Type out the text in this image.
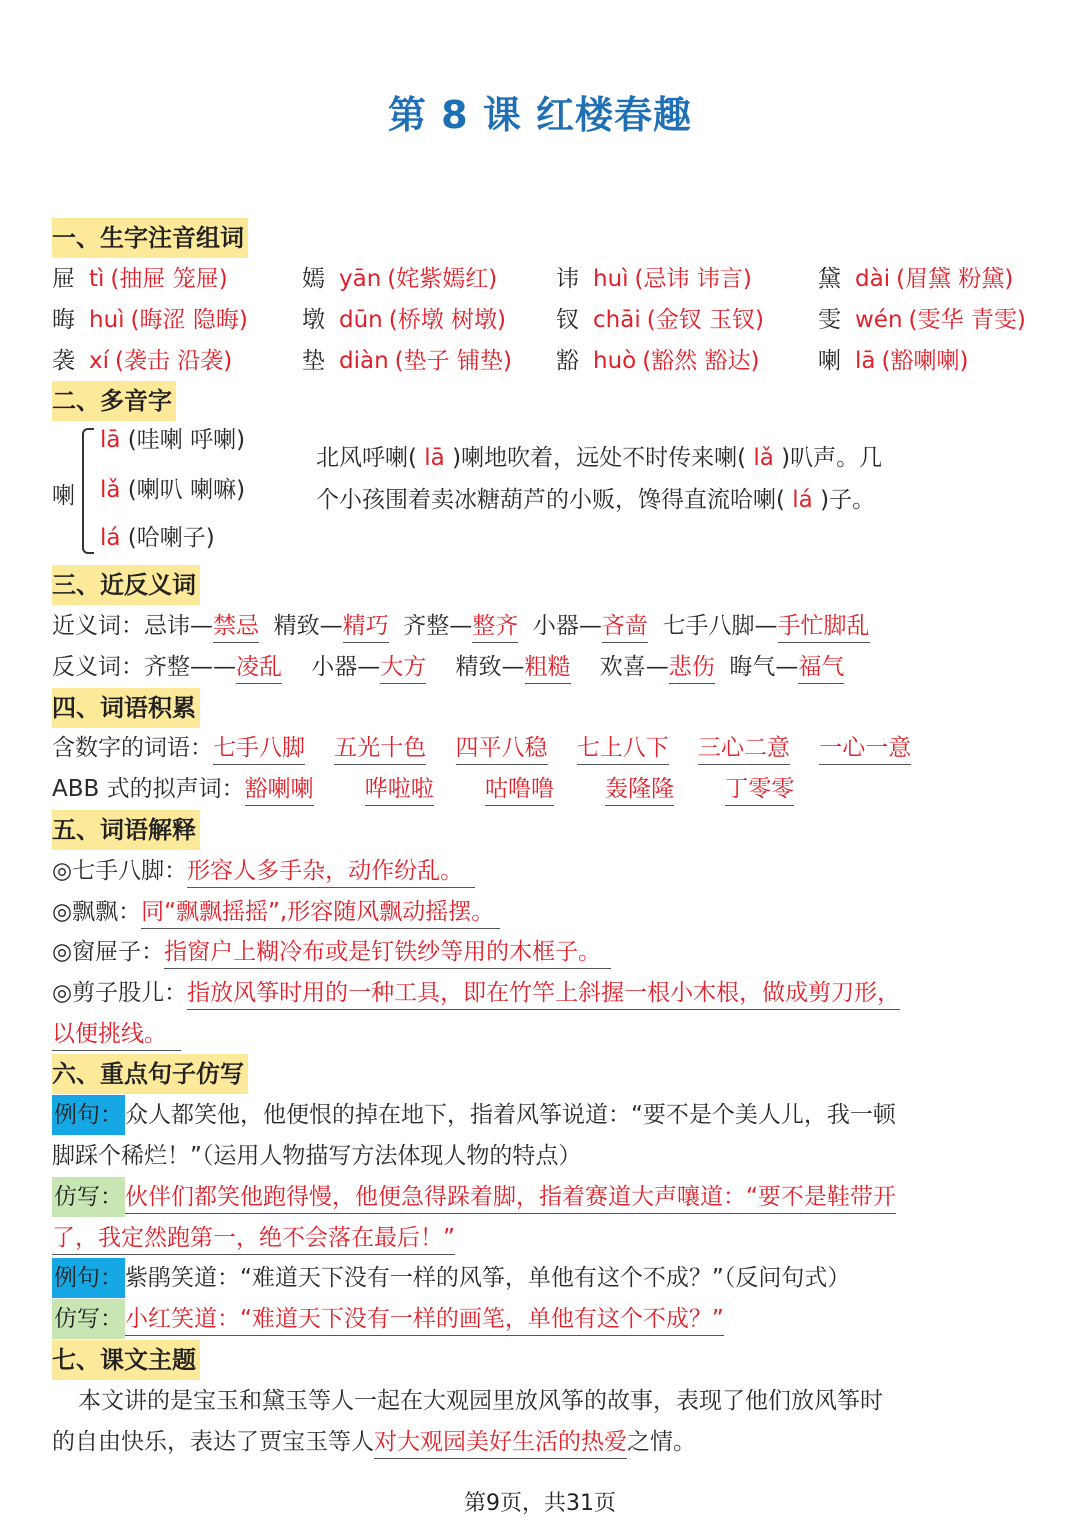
第 8 课 红楼春趣
一、生字注音组词
屉 tì (抽屉 笼屉)	嫣 yān (姹紫嫣红)	讳 huì (忌讳 讳言)	黛 dài (眉黛 粉黛)
晦 huì (晦涩 隐晦) 墩 dūn (桥墩 树墩) 钗 chāi (金钗 玉钗) 雯 wén (雯华 青雯)
袭 xí (袭击 沿袭)	垫 diàn (垫子 铺垫) 豁 huò (豁然 豁达)	喇 lā (豁喇喇)
二、多音字
喇
lā (哇喇 呼喇)
lǎ (喇叭 喇嘛)
lá (哈喇子)
北风呼喇( lā )喇地吹着，远处不时传来喇( lǎ )叭声。几
个小孩围着卖冰糖葫芦的小贩，馋得直流哈喇( lá )子。
三、近反义词
近义词：忌讳—禁忌 精致—精巧 齐整—整齐 小器—吝啬 七手八脚—手忙脚乱
反义词：齐整——凌乱 小器—大方 精致—粗糙 欢喜—悲伤 晦气—福气
四、词语积累
含数字的词语：七手八脚 五光十色 四平八稳 七上八下 三心二意 一心一意
ABB 式的拟声词：豁喇喇 哗啦啦 咕噜噜 轰隆隆 丁零零
五、词语解释
◎七手八脚：形容人多手杂，动作纷乱。
◎飘飘：同“飘飘摇摇”,形容随风飘动摇摆。
◎窗屉子：指窗户上糊冷布或是钉铁纱等用的木框子。
◎剪子股儿：指放风筝时用的一种工具，即在竹竿上斜握一根小木根，做成剪刀形，
以便挑线。
六、重点句子仿写
例句：众人都笑他，他便恨的掉在地下，指着风筝说道：“要不是个美人儿，我一顿
脚踩个稀烂！”（运用人物描写方法体现人物的特点）
仿写：伙伴们都笑他跑得慢，他便急得跺着脚，指着赛道大声嚷道：“要不是鞋带开
了，我定然跑第一，绝不会落在最后！”
例句：紫鹃笑道：“难道天下没有一样的风筝，单他有这个不成？”（反问句式）
仿写：小红笑道：“难道天下没有一样的画笔，单他有这个不成？”
七、课文主题
本文讲的是宝玉和黛玉等人一起在大观园里放风筝的故事，表现了他们放风筝时
的自由快乐，表达了贾宝玉等人对大观园美好生活的热爱之情。
第9页，共31页
